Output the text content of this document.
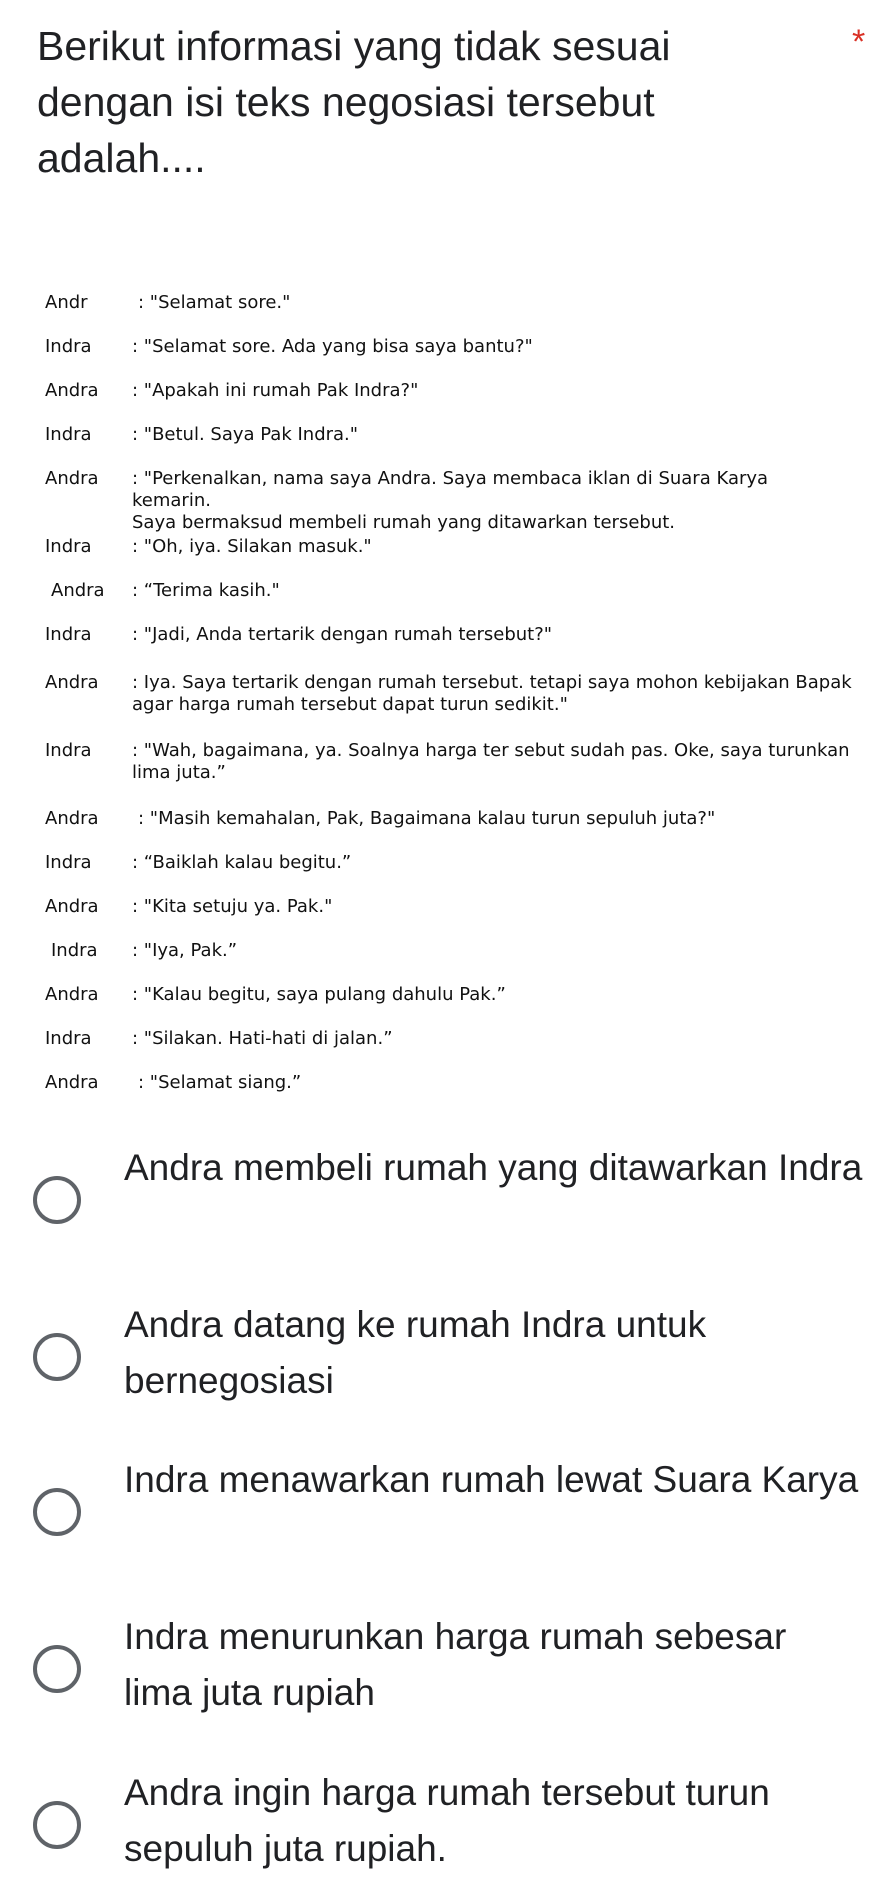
Berikut informasi yang tidak sesuai dengan isi teks negosiasi tersebut adalah....
*
Andr	: "Selamat sore."
Indra : "Selamat sore. Ada yang bisa saya bantu?"
Andra : "Apakah ini rumah Pak Indra?"
Indra : "Betul. Saya Pak Indra."
Andra : "Perkenalkan, nama saya Andra. Saya membaca iklan di Suara Karya kemarin.
Saya bermaksud membeli rumah yang ditawarkan tersebut.
Indra : "Oh, iya. Silakan masuk."
Andra : “Terima kasih."
Indra : "Jadi, Anda tertarik dengan rumah tersebut?"
Andra : Iya. Saya tertarik dengan rumah tersebut. tetapi saya mohon kebijakan Bapak
agar harga rumah tersebut dapat turun sedikit."
Indra : "Wah, bagaimana, ya. Soalnya harga ter sebut sudah pas. Oke, saya turunkan
lima juta.”
Andra : "Masih kemahalan, Pak, Bagaimana kalau turun sepuluh juta?"
Indra : “Baiklah kalau begitu.”
Andra : "Kita setuju ya. Pak."
Indra : "Iya, Pak.”
Andra : "Kalau begitu, saya pulang dahulu Pak.”
Indra : "Silakan. Hati-hati di jalan.”
Andra : "Selamat siang.”
Andra membeli rumah yang ditawarkan Indra
Andra datang ke rumah Indra untuk bernegosiasi
Indra menawarkan rumah lewat Suara Karya
Indra menurunkan harga rumah sebesar lima juta rupiah
Andra ingin harga rumah tersebut turun sepuluh juta rupiah.
